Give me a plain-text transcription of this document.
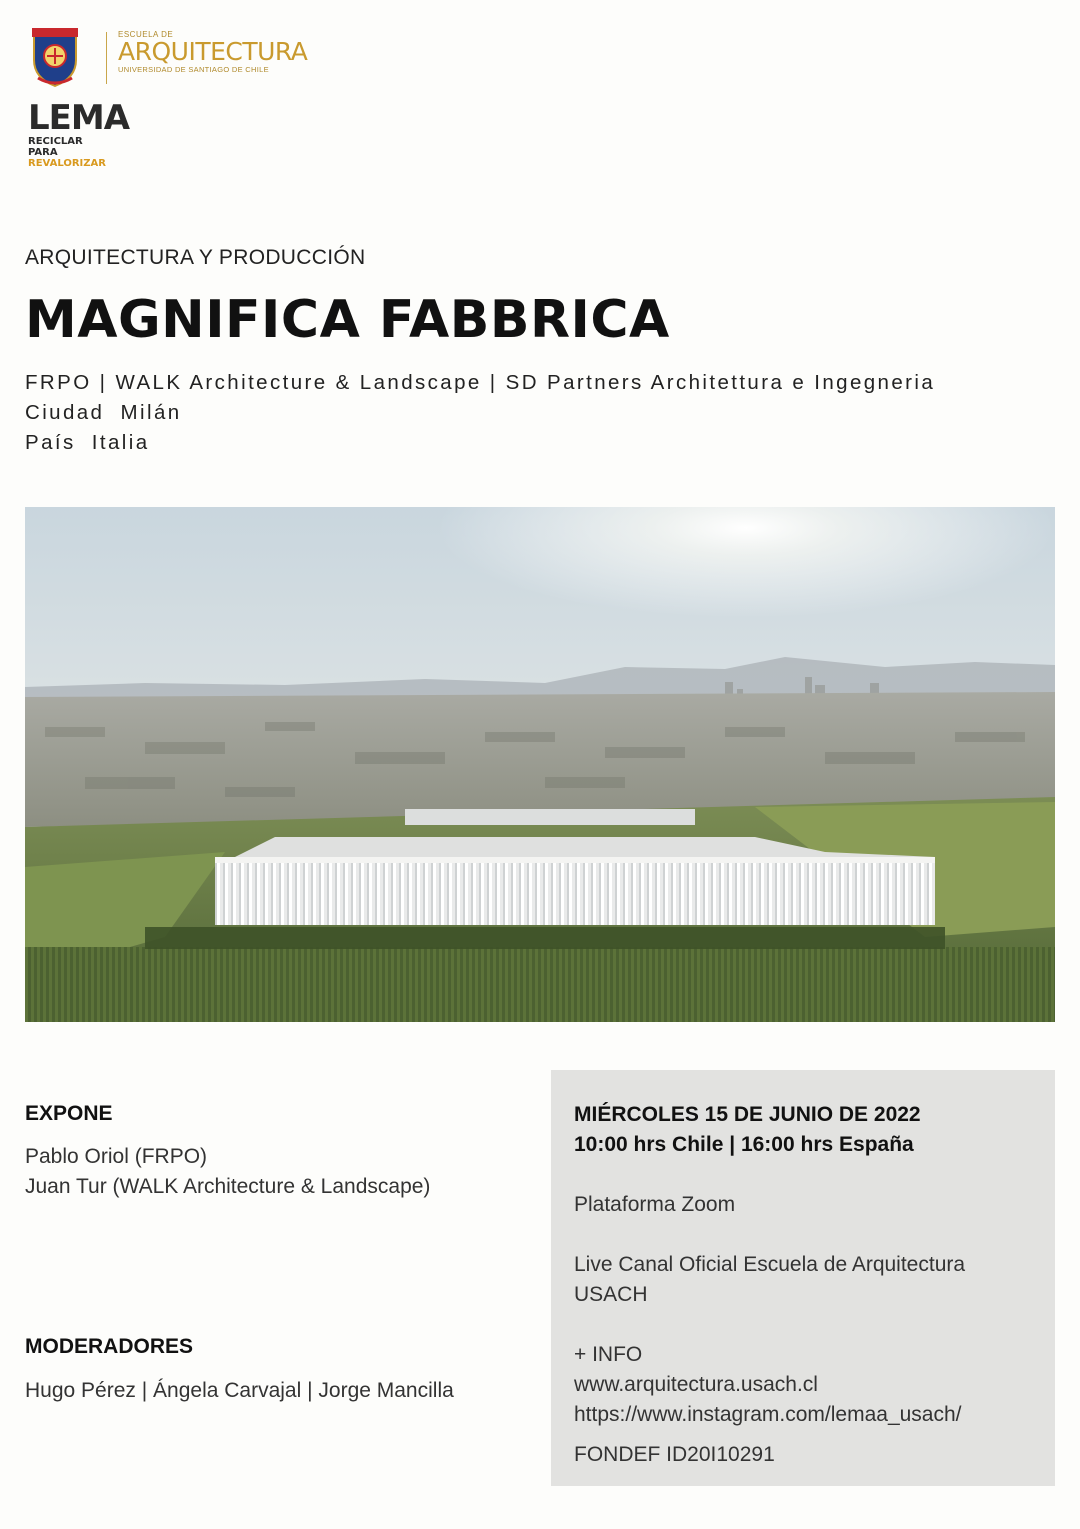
ESCUELA DE
ARQUITECTURA
UNIVERSIDAD DE SANTIAGO DE CHILE
LEMA
RECICLAR
PARA
REVALORIZAR
ARQUITECTURA Y PRODUCCIÓN
MAGNIFICA FABBRICA
FRPO | WALK Architecture & Landscape | SD Partners Architettura e Ingegneria
Ciudad  Milán
País  Italia
EXPONE
Pablo Oriol (FRPO)
Juan Tur (WALK Architecture & Landscape)
MODERADORES
Hugo Pérez | Ángela Carvajal | Jorge Mancilla
MIÉRCOLES 15 DE JUNIO DE 2022
10:00 hrs Chile | 16:00 hrs España
Plataforma Zoom
Live Canal Oficial Escuela de Arquitectura
USACH
+ INFO
www.arquitectura.usach.cl
https://www.instagram.com/lemaa_usach/
FONDEF ID20I10291
